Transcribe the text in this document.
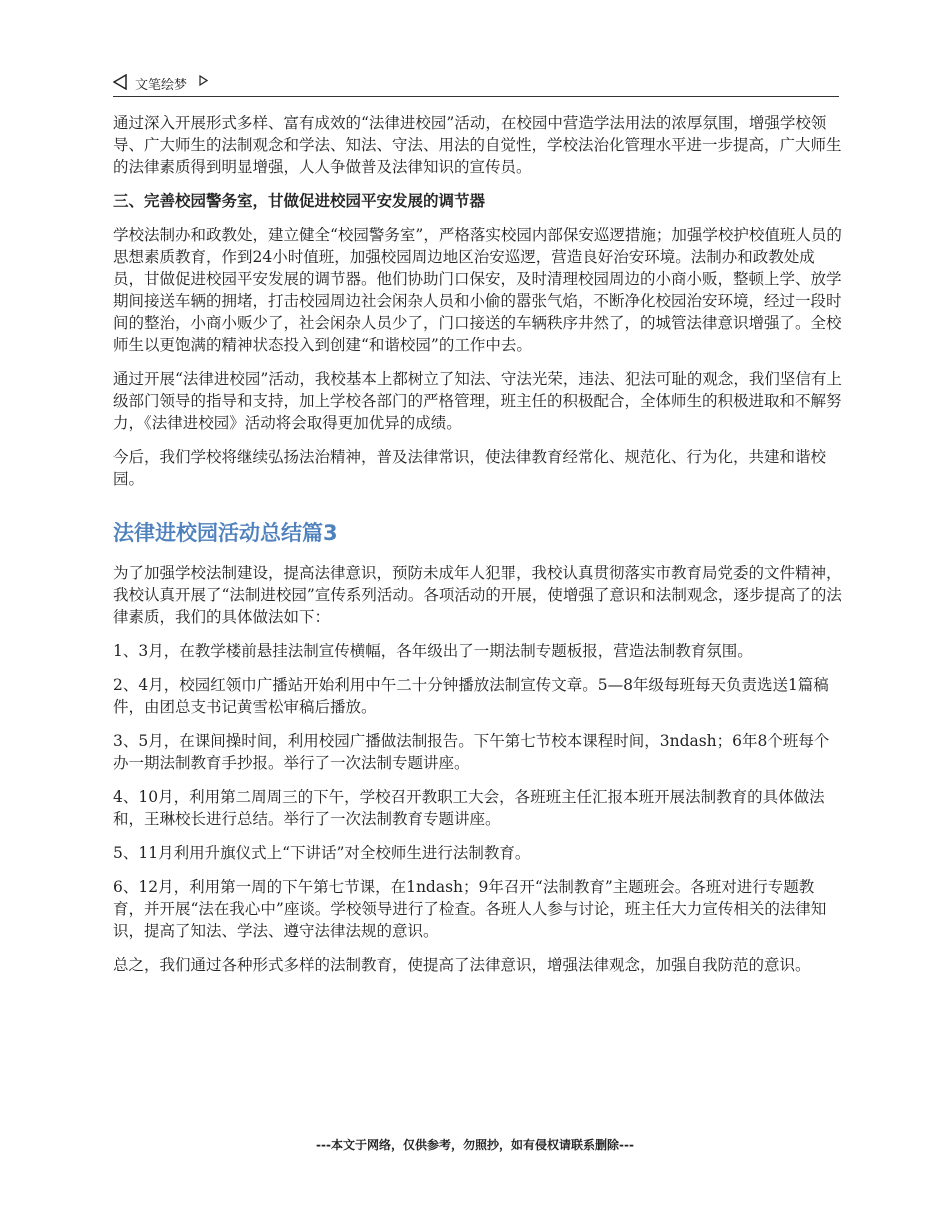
文笔绘梦

通过深入开展形式多样、富有成效的“法律进校园”活动，在校园中营造学法用法的浓厚氛围，增强学校领导、广大师生的法制观念和学法、知法、守法、用法的自觉性，学校法治化管理水平进一步提高，广大师生的法律素质得到明显增强，人人争做普及法律知识的宣传员。

三、完善校园警务室，甘做促进校园平安发展的调节器

学校法制办和政教处，建立健全“校园警务室”，严格落实校园内部保安巡逻措施；加强学校护校值班人员的思想素质教育，作到24小时值班，加强校园周边地区治安巡逻，营造良好治安环境。法制办和政教处成员，甘做促进校园平安发展的调节器。他们协助门口保安，及时清理校园周边的小商小贩，整顿上学、放学期间接送车辆的拥堵，打击校园周边社会闲杂人员和小偷的嚣张气焰，不断净化校园治安环境，经过一段时间的整治，小商小贩少了，社会闲杂人员少了，门口接送的车辆秩序井然了，的城管法律意识增强了。全校师生以更饱满的精神状态投入到创建“和谐校园”的工作中去。

通过开展“法律进校园”活动，我校基本上都树立了知法、守法光荣，违法、犯法可耻的观念，我们坚信有上级部门领导的指导和支持，加上学校各部门的严格管理，班主任的积极配合，全体师生的积极进取和不解努力，《法律进校园》活动将会取得更加优异的成绩。

今后，我们学校将继续弘扬法治精神，普及法律常识，使法律教育经常化、规范化、行为化，共建和谐校园。

法律进校园活动总结篇3

为了加强学校法制建设，提高法律意识，预防未成年人犯罪，我校认真贯彻落实市教育局党委的文件精神，我校认真开展了“法制进校园”宣传系列活动。各项活动的开展，使增强了意识和法制观念，逐步提高了的法律素质，我们的具体做法如下：

1、3月，在教学楼前悬挂法制宣传横幅，各年级出了一期法制专题板报，营造法制教育氛围。

2、4月，校园红领巾广播站开始利用中午二十分钟播放法制宣传文章。5—8年级每班每天负责选送1篇稿件，由团总支书记黄雪松审稿后播放。

3、5月，在课间操时间，利用校园广播做法制报告。下午第七节校本课程时间，3ndash；6年8个班每个办一期法制教育手抄报。举行了一次法制专题讲座。

4、10月，利用第二周周三的下午，学校召开教职工大会，各班班主任汇报本班开展法制教育的具体做法和，王琳校长进行总结。举行了一次法制教育专题讲座。

5、11月利用升旗仪式上“下讲话”对全校师生进行法制教育。

6、12月，利用第一周的下午第七节课，在1ndash；9年召开“法制教育”主题班会。各班对进行专题教育，并开展“法在我心中”座谈。学校领导进行了检查。各班人人参与讨论，班主任大力宣传相关的法律知识，提高了知法、学法、遵守法律法规的意识。

总之，我们通过各种形式多样的法制教育，使提高了法律意识，增强法律观念，加强自我防范的意识。

---本文于网络，仅供参考，勿照抄，如有侵权请联系删除---
